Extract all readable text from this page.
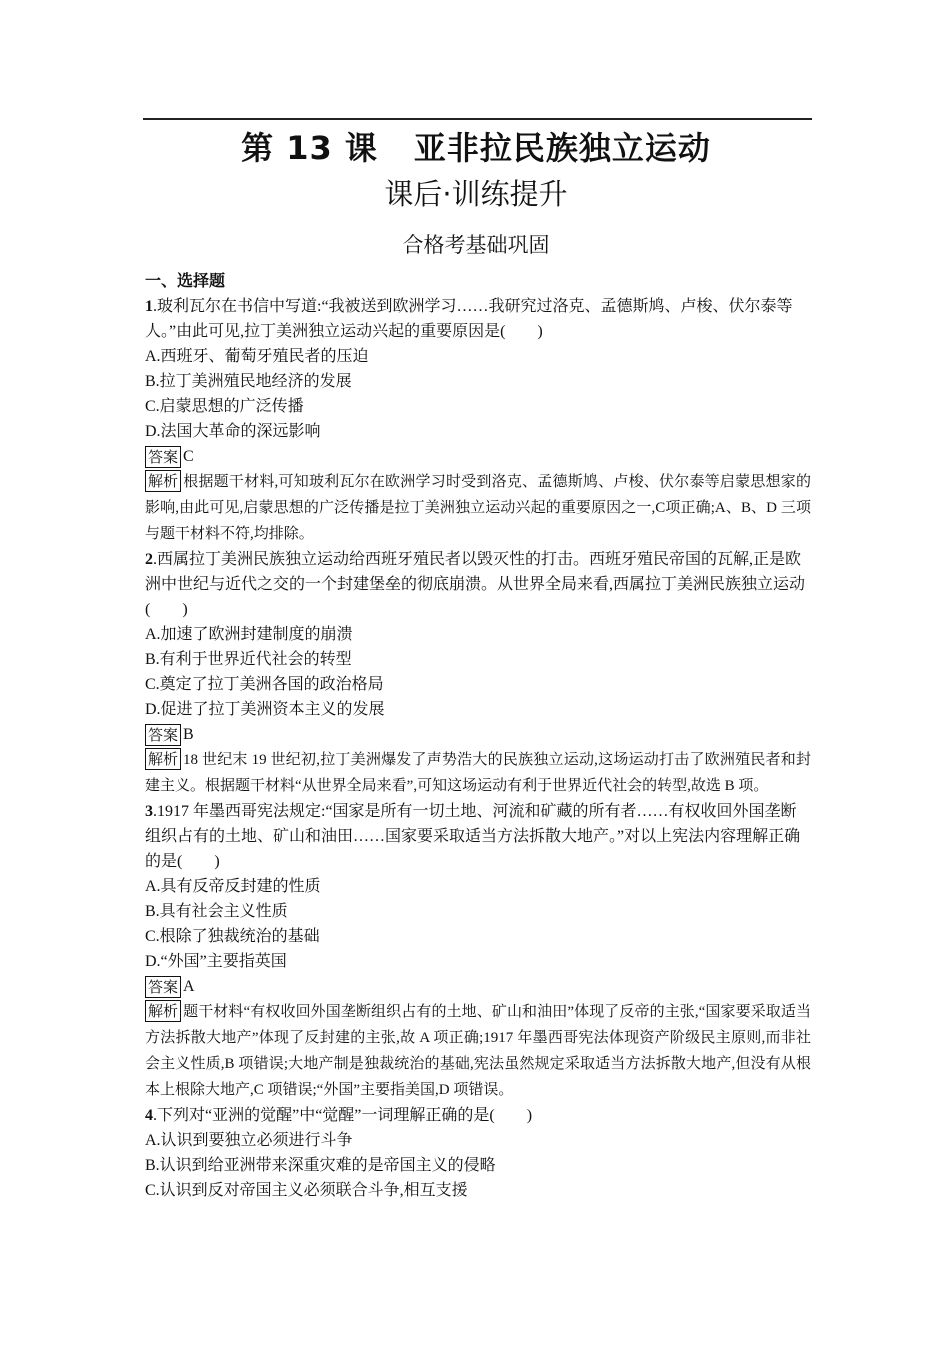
第 13 课 亚非拉民族独立运动
课后·训练提升
合格考基础巩固
一、选择题
1.玻利瓦尔在书信中写道:“我被送到欧洲学习……我研究过洛克、孟德斯鸠、卢梭、伏尔泰等人。”由此可见,拉丁美洲独立运动兴起的重要原因是(　　)
A.西班牙、葡萄牙殖民者的压迫
B.拉丁美洲殖民地经济的发展
C.启蒙思想的广泛传播
D.法国大革命的深远影响
答案 C
解析 根据题干材料,可知玻利瓦尔在欧洲学习时受到洛克、孟德斯鸠、卢梭、伏尔泰等启蒙思想家的影响,由此可见,启蒙思想的广泛传播是拉丁美洲独立运动兴起的重要原因之一,C项正确;A、B、D 三项与题干材料不符,均排除。
2.西属拉丁美洲民族独立运动给西班牙殖民者以毁灭性的打击。西班牙殖民帝国的瓦解,正是欧洲中世纪与近代之交的一个封建堡垒的彻底崩溃。从世界全局来看,西属拉丁美洲民族独立运动(　　)
A.加速了欧洲封建制度的崩溃
B.有利于世界近代社会的转型
C.奠定了拉丁美洲各国的政治格局
D.促进了拉丁美洲资本主义的发展
答案 B
解析 18 世纪末 19 世纪初,拉丁美洲爆发了声势浩大的民族独立运动,这场运动打击了欧洲殖民者和封建主义。根据题干材料“从世界全局来看”,可知这场运动有利于世界近代社会的转型,故选 B 项。
3.1917 年墨西哥宪法规定:“国家是所有一切土地、河流和矿藏的所有者……有权收回外国垄断组织占有的土地、矿山和油田……国家要采取适当方法拆散大地产。”对以上宪法内容理解正确的是(　　)
A.具有反帝反封建的性质
B.具有社会主义性质
C.根除了独裁统治的基础
D.“外国”主要指英国
答案 A
解析 题干材料“有权收回外国垄断组织占有的土地、矿山和油田”体现了反帝的主张,“国家要采取适当方法拆散大地产”体现了反封建的主张,故 A 项正确;1917 年墨西哥宪法体现资产阶级民主原则,而非社会主义性质,B 项错误;大地产制是独裁统治的基础,宪法虽然规定采取适当方法拆散大地产,但没有从根本上根除大地产,C 项错误;“外国”主要指美国,D 项错误。
4.下列对“亚洲的觉醒”中“觉醒”一词理解正确的是(　　)
A.认识到要独立必须进行斗争
B.认识到给亚洲带来深重灾难的是帝国主义的侵略
C.认识到反对帝国主义必须联合斗争,相互支援
